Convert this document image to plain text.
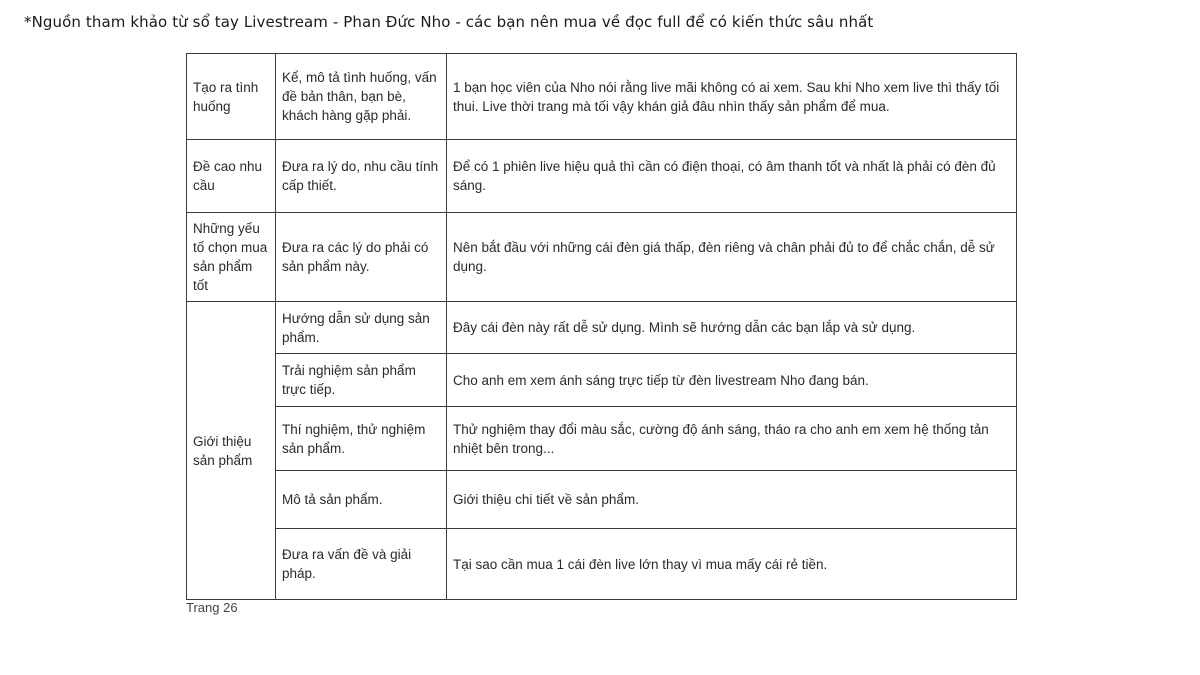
*Nguồn tham khảo từ sổ tay Livestream - Phan Đức Nho - các bạn nên mua về đọc full để có kiến thức sâu nhất
Tạo ra tình huống	Kể, mô tả tình huống, vấn đề bản thân, bạn bè, khách hàng gặp phải.	1 bạn học viên của Nho nói rằng live mãi không có ai xem. Sau khi Nho xem live thì thấy tối thui. Live thời trang mà tối vậy khán giả đâu nhìn thấy sản phẩm để mua.
Đề cao nhu cầu	Đưa ra lý do, nhu cầu tính cấp thiết.	Để có 1 phiên live hiệu quả thì cần có điện thoại, có âm thanh tốt và nhất là phải có đèn đủ sáng.
Những yếu tố chọn mua sản phẩm tốt	Đưa ra các lý do phải có sản phẩm này.	Nên bắt đầu với những cái đèn giá thấp, đèn riêng và chân phải đủ to để chắc chắn, dễ sử dụng.
Giới thiệu sản phẩm	Hướng dẫn sử dụng sản phẩm.	Đây cái đèn này rất dễ sử dụng. Mình sẽ hướng dẫn các bạn lắp và sử dụng.
	Trải nghiệm sản phẩm trực tiếp.	Cho anh em xem ánh sáng trực tiếp từ đèn livestream Nho đang bán.
	Thí nghiệm, thử nghiệm sản phẩm.	Thử nghiệm thay đổi màu sắc, cường độ ánh sáng, tháo ra cho anh em xem hệ thống tản nhiệt bên trong...
	Mô tả sản phẩm.	Giới thiệu chi tiết về sản phẩm.
	Đưa ra vấn đề và giải pháp.	Tại sao cần mua 1 cái đèn live lớn thay vì mua mấy cái rẻ tiền.
Trang 26
